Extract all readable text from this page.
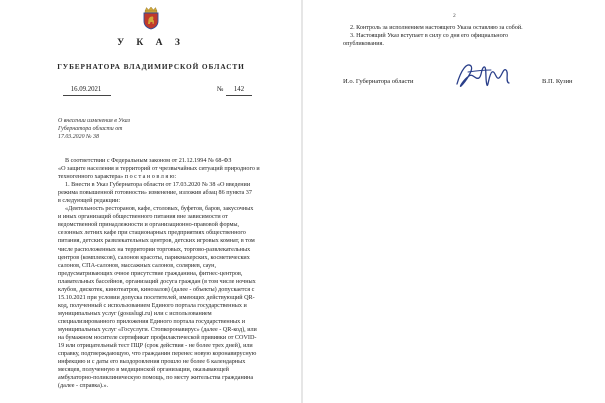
У К А З
ГУБЕРНАТОРА ВЛАДИМИРСКОЙ ОБЛАСТИ
16.09.2021	№	142
О внесении изменения в Указ
Губернатора области от
17.03.2020 № 38
В соответствии с Федеральным законом от 21.12.1994 № 68-ФЗ
«О защите населения и территорий от чрезвычайных ситуаций природного и
техногенного характера» п о с т а н о в л я ю:
1. Внести в Указ Губернатора области от 17.03.2020 № 38 «О введении
режима повышенной готовности» изменение, изложив абзац 86 пункта 37
в следующей редакции:
«Деятельность ресторанов, кафе, столовых, буфетов, баров, закусочных
и иных организаций общественного питания вне зависимости от
ведомственной принадлежности и организационно-правовой формы,
сезонных летних кафе при стационарных предприятиях общественного
питания, детских развлекательных центров, детских игровых комнат, в том
числе расположенных на территории торговых, торгово-развлекательных
центров (комплексов), салонов красоты, парикмахерских, косметических
салонов, СПА-салонов, массажных салонов, соляриев, саун,
предусматривающих очное присутствие гражданина, фитнес-центров,
плавательных бассейнов, организаций досуга граждан (в том числе ночных
клубов, дискотек, кинотеатров, кинозалов) (далее - объекты) допускается с
15.10.2021 при условии допуска посетителей, имеющих действующий QR-
код, полученный с использованием Единого портала государственных и
муниципальных услуг (gosuslugi.ru) или с использованием
специализированного приложения Единого портала государственных и
муниципальных услуг «Госуслуги. Стопкоронавирус» (далее - QR-код), или
на бумажном носителе сертификат профилактической прививки от COVID-
19 или отрицательный тест ПЦР (срок действия - не более трех дней), или
справку, подтверждающую, что гражданин перенес новую коронавирусную
инфекцию и с даты его выздоровления прошло не более 6 календарных
месяцев, полученную в медицинской организации, оказывающей
амбулаторно-поликлиническую помощь, по месту жительства гражданина
(далее - справка).».
2
2. Контроль за исполнением настоящего Указа оставляю за собой.
3. Настоящий Указ вступает в силу со дня его официального
опубликования.
И.о. Губернатора области	В.П. Кузин
